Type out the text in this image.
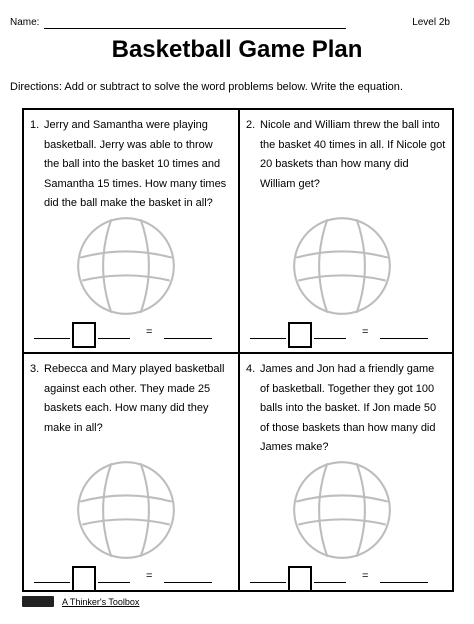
Name:	Level 2b
Basketball Game Plan
Directions: Add or subtract to solve the word problems below. Write the equation.
1. Jerry and Samantha were playing basketball. Jerry was able to throw the ball into the basket 10 times and Samantha 15 times. How many times did the ball make the basket in all?
=
2. Nicole and William threw the ball into the basket 40 times in all. If Nicole got 20 baskets than how many did William get?
=
3. Rebecca and Mary played basketball against each other. They made 25 baskets each. How many did they make in all?
=
4. James and Jon had a friendly game of basketball. Together they got 100 balls into the basket. If Jon made 50 of those baskets than how many did James make?
=
A Thinker's Toolbox
